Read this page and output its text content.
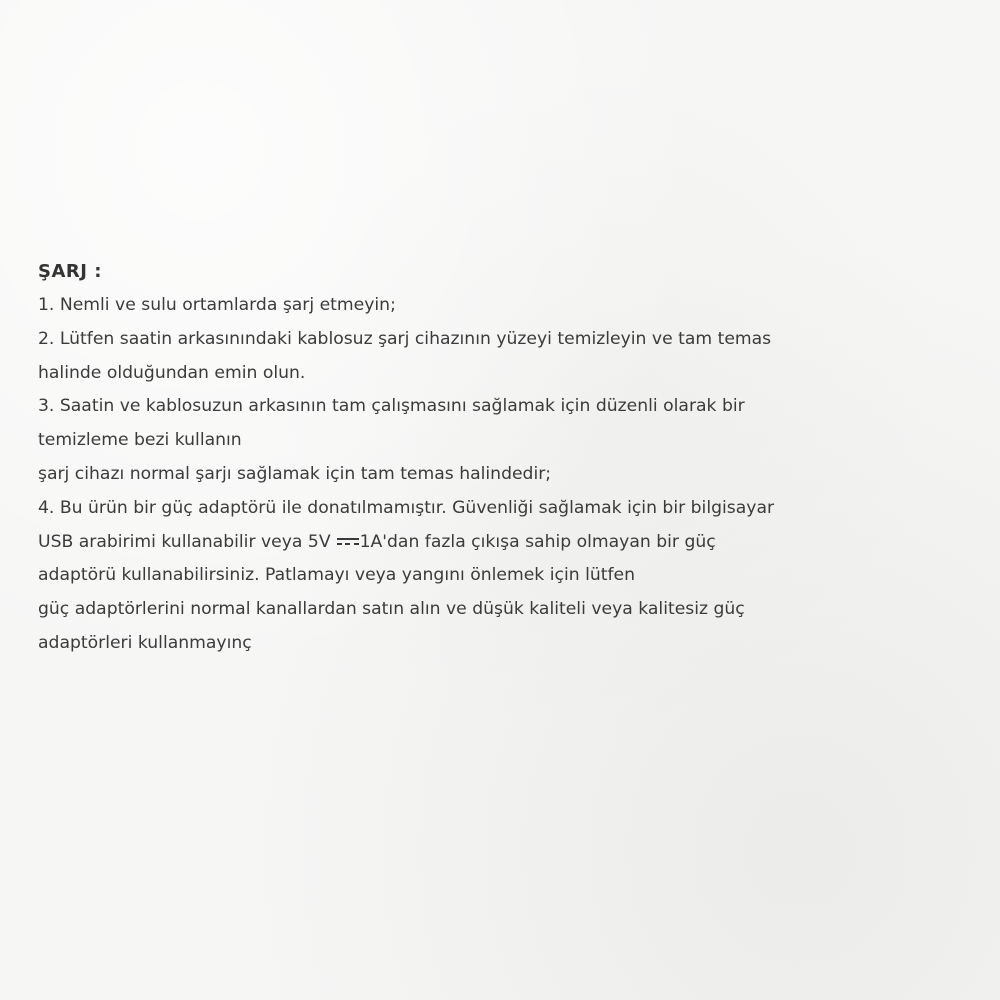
ŞARJ :
1. Nemli ve sulu ortamlarda şarj etmeyin;
2. Lütfen saatin arkasınındaki kablosuz şarj cihazının yüzeyi temizleyin ve tam temas
halinde olduğundan emin olun.
3. Saatin ve kablosuzun arkasının tam çalışmasını sağlamak için düzenli olarak bir
temizleme bezi kullanın
şarj cihazı normal şarjı sağlamak için tam temas halindedir;
4. Bu ürün bir güç adaptörü ile donatılmamıştır. Güvenliği sağlamak için bir bilgisayar
USB arabirimi kullanabilir veya 5V 1A'dan fazla çıkışa sahip olmayan bir güç
adaptörü kullanabilirsiniz. Patlamayı veya yangını önlemek için lütfen
güç adaptörlerini normal kanallardan satın alın ve düşük kaliteli veya kalitesiz güç
adaptörleri kullanmayınç
